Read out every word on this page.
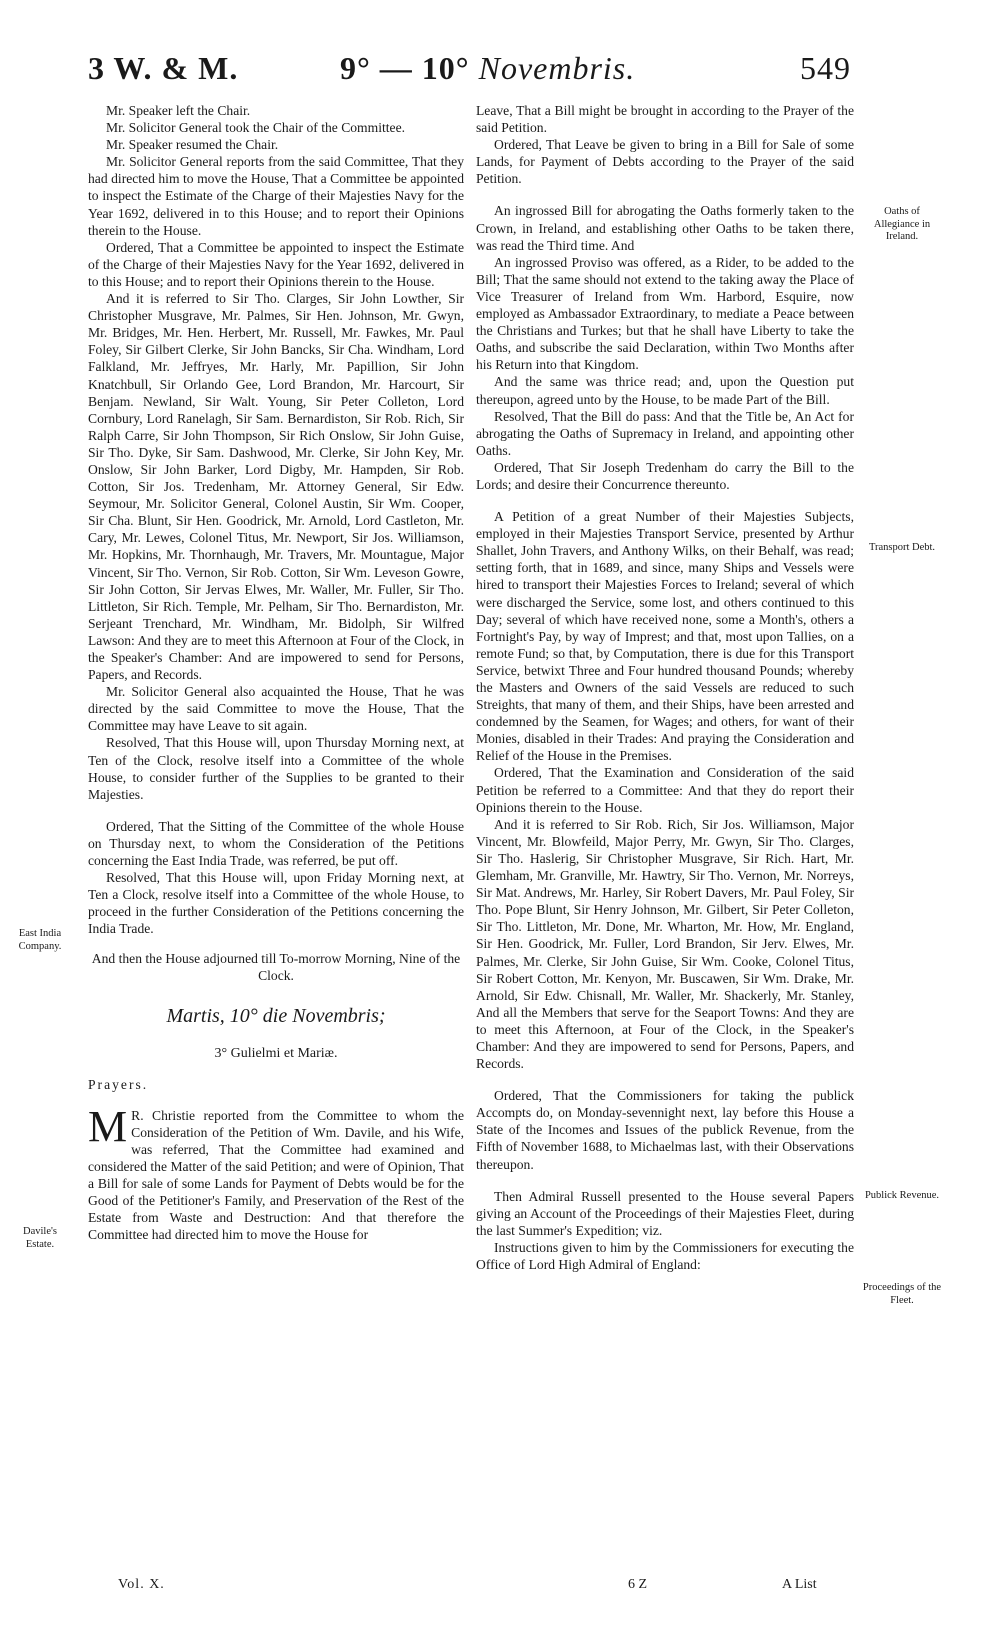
3 W. & M.	9° — 10° Novembris.	549

Mr. Speaker left the Chair.

Mr. Solicitor General took the Chair of the Committee.

Mr. Speaker resumed the Chair.

Mr. Solicitor General reports from the said Committee, That they had directed him to move the House, That a Committee be appointed to inspect the Estimate of the Charge of their Majesties Navy for the Year 1692, delivered in to this House; and to report their Opinions therein to the House.

Ordered, That a Committee be appointed to inspect the Estimate of the Charge of their Majesties Navy for the Year 1692, delivered in to this House; and to report their Opinions therein to the House.

And it is referred to Sir Tho. Clarges, Sir John Lowther, Sir Christopher Musgrave, Mr. Palmes, Sir Hen. Johnson, Mr. Gwyn, Mr. Bridges, Mr. Hen. Herbert, Mr. Russell, Mr. Fawkes, Mr. Paul Foley, Sir Gilbert Clerke, Sir John Bancks, Sir Cha. Windham, Lord Falkland, Mr. Jeffryes, Mr. Harly, Mr. Papillion, Sir John Knatchbull, Sir Orlando Gee, Lord Brandon, Mr. Harcourt, Sir Benjam. Newland, Sir Walt. Young, Sir Peter Colleton, Lord Cornbury, Lord Ranelagh, Sir Sam. Bernardiston, Sir Rob. Rich, Sir Ralph Carre, Sir John Thompson, Sir Rich Onslow, Sir John Guise, Sir Tho. Dyke, Sir Sam. Dashwood, Mr. Clerke, Sir John Key, Mr. Onslow, Sir John Barker, Lord Digby, Mr. Hampden, Sir Rob. Cotton, Sir Jos. Tredenham, Mr. Attorney General, Sir Edw. Seymour, Mr. Solicitor General, Colonel Austin, Sir Wm. Cooper, Sir Cha. Blunt, Sir Hen. Goodrick, Mr. Arnold, Lord Castleton, Mr. Cary, Mr. Lewes, Colonel Titus, Mr. Newport, Sir Jos. Williamson, Mr. Hopkins, Mr. Thornhaugh, Mr. Travers, Mr. Mountague, Major Vincent, Sir Tho. Vernon, Sir Rob. Cotton, Sir Wm. Leveson Gowre, Sir John Cotton, Sir Jervas Elwes, Mr. Waller, Mr. Fuller, Sir Tho. Littleton, Sir Rich. Temple, Mr. Pelham, Sir Tho. Bernardiston, Mr. Serjeant Trenchard, Mr. Windham, Mr. Bidolph, Sir Wilfred Lawson: And they are to meet this Afternoon at Four of the Clock, in the Speaker's Chamber: And are impowered to send for Persons, Papers, and Records.

Mr. Solicitor General also acquainted the House, That he was directed by the said Committee to move the House, That the Committee may have Leave to sit again.

Resolved, That this House will, upon Thursday Morning next, at Ten of the Clock, resolve itself into a Committee of the whole House, to consider further of the Supplies to be granted to their Majesties.

Ordered, That the Sitting of the Committee of the whole House on Thursday next, to whom the Consideration of the Petitions concerning the East India Trade, was referred, be put off.

Resolved, That this House will, upon Friday Morning next, at Ten a Clock, resolve itself into a Committee of the whole House, to proceed in the further Consideration of the Petitions concerning the India Trade.

And then the House adjourned till To-morrow Morning, Nine of the Clock.

Martis, 10° die Novembris;

3° Gulielmi et Mariæ.

Prayers.

M R. Christie reported from the Committee to whom the Consideration of the Petition of Wm. Davile, and his Wife, was referred, That the Committee had examined and considered the Matter of the said Petition; and were of Opinion, That a Bill for sale of some Lands for Payment of Debts would be for the Good of the Petitioner's Family, and Preservation of the Rest of the Estate from Waste and Destruction: And that therefore the Committee had directed him to move the House for

Leave, That a Bill might be brought in according to the Prayer of the said Petition.

Ordered, That Leave be given to bring in a Bill for Sale of some Lands, for Payment of Debts according to the Prayer of the said Petition.

An ingrossed Bill for abrogating the Oaths formerly taken to the Crown, in Ireland, and establishing other Oaths to be taken there, was read the Third time. And

An ingrossed Proviso was offered, as a Rider, to be added to the Bill; That the same should not extend to the taking away the Place of Vice Treasurer of Ireland from Wm. Harbord, Esquire, now employed as Ambassador Extraordinary, to mediate a Peace between the Christians and Turkes; but that he shall have Liberty to take the Oaths, and subscribe the said Declaration, within Two Months after his Return into that Kingdom.

And the same was thrice read; and, upon the Question put thereupon, agreed unto by the House, to be made Part of the Bill.

Resolved, That the Bill do pass: And that the Title be, An Act for abrogating the Oaths of Supremacy in Ireland, and appointing other Oaths.

Ordered, That Sir Joseph Tredenham do carry the Bill to the Lords; and desire their Concurrence thereunto.

A Petition of a great Number of their Majesties Subjects, employed in their Majesties Transport Service, presented by Arthur Shallet, John Travers, and Anthony Wilks, on their Behalf, was read; setting forth, that in 1689, and since, many Ships and Vessels were hired to transport their Majesties Forces to Ireland; several of which were discharged the Service, some lost, and others continued to this Day; several of which have received none, some a Month's, others a Fortnight's Pay, by way of Imprest; and that, most upon Tallies, on a remote Fund; so that, by Computation, there is due for this Transport Service, betwixt Three and Four hundred thousand Pounds; whereby the Masters and Owners of the said Vessels are reduced to such Streights, that many of them, and their Ships, have been arrested and condemned by the Seamen, for Wages; and others, for want of their Monies, disabled in their Trades: And praying the Consideration and Relief of the House in the Premises.

Ordered, That the Examination and Consideration of the said Petition be referred to a Committee: And that they do report their Opinions therein to the House.

And it is referred to Sir Rob. Rich, Sir Jos. Williamson, Major Vincent, Mr. Blowfeild, Major Perry, Mr. Gwyn, Sir Tho. Clarges, Sir Tho. Haslerig, Sir Christopher Musgrave, Sir Rich. Hart, Mr. Glemham, Mr. Granville, Mr. Hawtry, Sir Tho. Vernon, Mr. Norreys, Sir Mat. Andrews, Mr. Harley, Sir Robert Davers, Mr. Paul Foley, Sir Tho. Pope Blunt, Sir Henry Johnson, Mr. Gilbert, Sir Peter Colleton, Sir Tho. Littleton, Mr. Done, Mr. Wharton, Mr. How, Mr. England, Sir Hen. Goodrick, Mr. Fuller, Lord Brandon, Sir Jerv. Elwes, Mr. Palmes, Mr. Clerke, Sir John Guise, Sir Wm. Cooke, Colonel Titus, Sir Robert Cotton, Mr. Kenyon, Mr. Buscawen, Sir Wm. Drake, Mr. Arnold, Sir Edw. Chisnall, Mr. Waller, Mr. Shackerly, Mr. Stanley, And all the Members that serve for the Seaport Towns: And they are to meet this Afternoon, at Four of the Clock, in the Speaker's Chamber: And they are impowered to send for Persons, Papers, and Records.

Ordered, That the Commissioners for taking the publick Accompts do, on Monday-sevennight next, lay before this House a State of the Incomes and Issues of the publick Revenue, from the Fifth of November 1688, to Michaelmas last, with their Observations thereupon.

Then Admiral Russell presented to the House several Papers giving an Account of the Proceedings of their Majesties Fleet, during the last Summer's Expedition; viz.

Instructions given to him by the Commissioners for executing the Office of Lord High Admiral of England:

East India Company.
Davile's Estate.
Oaths of Allegiance in Ireland.
Transport Debt.
Publick Revenue.
Proceedings of the Fleet.
Vol. X.	6 Z	A List
